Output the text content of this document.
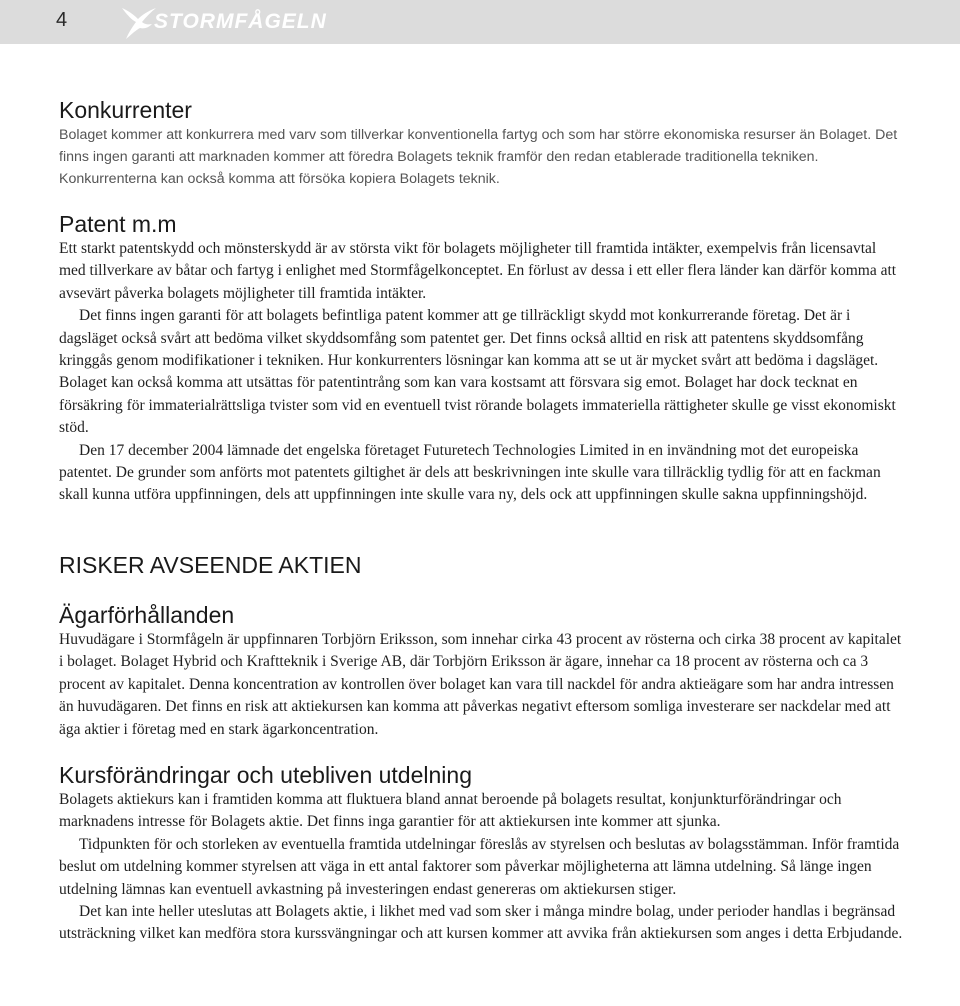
4	STORMFÅGELN
Konkurrenter

Bolaget kommer att konkurrera med varv som tillverkar konventionella fartyg och som har större ekonomiska resurser än Bolaget. Det finns ingen garanti att marknaden kommer att föredra Bolagets teknik framför den redan etablerade traditionella tekniken. Konkurrenterna kan också komma att försöka kopiera Bolagets teknik.

Patent m.m

Ett starkt patentskydd och mönsterskydd är av största vikt för bolagets möjligheter till framtida intäkter, exempelvis från licensavtal med tillverkare av båtar och fartyg i enlighet med Stormfågelkonceptet. En förlust av dessa i ett eller flera länder kan därför komma att avsevärt påverka bolagets möjligheter till framtida intäkter.

Det finns ingen garanti för att bolagets befintliga patent kommer att ge tillräckligt skydd mot konkurrerande företag. Det är i dagsläget också svårt att bedöma vilket skyddsomfång som patentet ger. Det finns också alltid en risk att patentens skyddsomfång kringgås genom modifikationer i tekniken. Hur konkurrenters lösningar kan komma att se ut är mycket svårt att bedöma i dagsläget. Bolaget kan också komma att utsättas för patentintrång som kan vara kostsamt att försvara sig emot. Bolaget har dock tecknat en försäkring för immaterialrättsliga tvister som vid en eventuell tvist rörande bolagets immateriella rättigheter skulle ge visst ekonomiskt stöd.

Den 17 december 2004 lämnade det engelska företaget Futuretech Technologies Limited in en invändning mot det europeiska patentet. De grunder som anförts mot patentets giltighet är dels att beskrivningen inte skulle vara tillräcklig tydlig för att en fackman skall kunna utföra uppfinningen, dels att uppfinningen inte skulle vara ny, dels ock att uppfinningen skulle sakna uppfinningshöjd.

RISKER AVSEENDE AKTIEN
Ägarförhållanden

Huvudägare i Stormfågeln är uppfinnaren Torbjörn Eriksson, som innehar cirka 43 procent av rösterna och cirka 38 procent av kapitalet i bolaget. Bolaget Hybrid och Kraftteknik i Sverige AB, där Torbjörn Eriksson är ägare, innehar ca 18 procent av rösterna och ca 3 procent av kapitalet. Denna koncentration av kontrollen över bolaget kan vara till nackdel för andra aktieägare som har andra intressen än huvudägaren. Det finns en risk att aktiekursen kan komma att påverkas negativt eftersom somliga investerare ser nackdelar med att äga aktier i företag med en stark ägarkoncentration.

Kursförändringar och utebliven utdelning

Bolagets aktiekurs kan i framtiden komma att fluktuera bland annat beroende på bolagets resultat, konjunkturförändringar och marknadens intresse för Bolagets aktie. Det finns inga garantier för att aktiekursen inte kommer att sjunka.

Tidpunkten för och storleken av eventuella framtida utdelningar föreslås av styrelsen och beslutas av bolagsstämman. Inför framtida beslut om utdelning kommer styrelsen att väga in ett antal faktorer som påverkar möjligheterna att lämna utdelning. Så länge ingen utdelning lämnas kan eventuell avkastning på investeringen endast genereras om aktiekursen stiger.

Det kan inte heller uteslutas att Bolagets aktie, i likhet med vad som sker i många mindre bolag, under perioder handlas i begränsad utsträckning vilket kan medföra stora kurssvängningar och att kursen kommer att avvika från aktiekursen som anges i detta Erbjudande.
